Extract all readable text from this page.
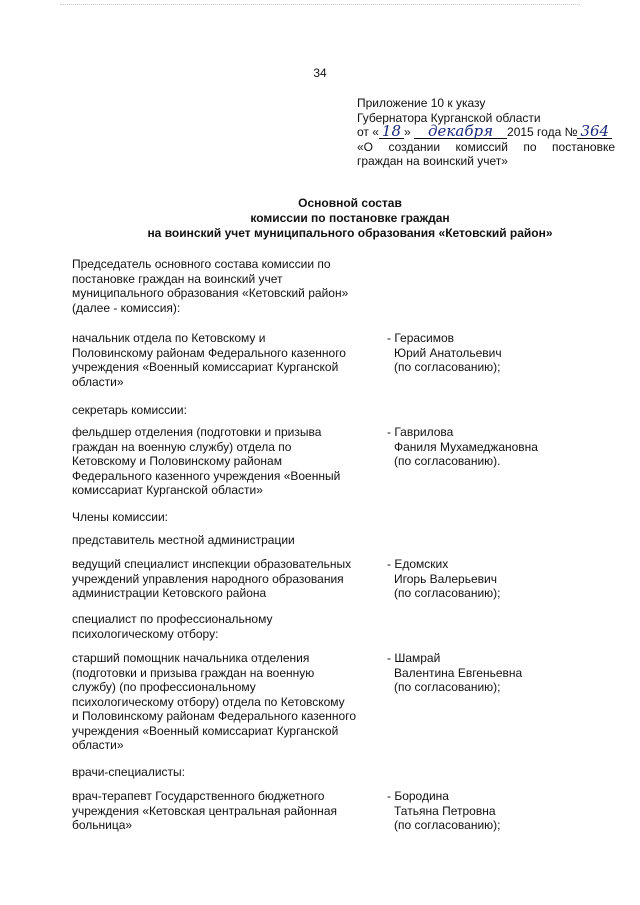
34
Приложение 10 к указу
Губернатора Курганской области
от « 18 » декабря 2015 года № 364
«О создании комиссий по постановке
граждан на воинский учет»
Основной состав
комиссии по постановке граждан
на воинский учет муниципального образования «Кетовский район»
Председатель основного состава комиссии по
постановке граждан на воинский учет
муниципального образования «Кетовский район»
(далее - комиссия):
начальник отдела по Кетовскому и
Половинскому районам Федерального казенного
учреждения «Военный комиссариат Курганской
области»
- Герасимов
Юрий Анатольевич
(по согласованию);
секретарь комиссии:
фельдшер отделения (подготовки и призыва
граждан на военную службу) отдела по
Кетовскому и Половинскому районам
Федерального казенного учреждения «Военный
комиссариат Курганской области»
- Гаврилова
Фаниля Мухамеджановна
(по согласованию).
Члены комиссии:
представитель местной администрации
ведущий специалист инспекции образовательных
учреждений управления народного образования
администрации Кетовского района
- Едомских
Игорь Валерьевич
(по согласованию);
специалист по профессиональному
психологическому отбору:
старший помощник начальника отделения
(подготовки и призыва граждан на военную
службу) (по профессиональному
психологическому отбору) отдела по Кетовскому
и Половинскому районам Федерального казенного
учреждения «Военный комиссариат Курганской
области»
- Шамрай
Валентина Евгеньевна
(по согласованию);
врачи-специалисты:
врач-терапевт Государственного бюджетного
учреждения «Кетовская центральная районная
больница»
- Бородина
Татьяна Петровна
(по согласованию);
